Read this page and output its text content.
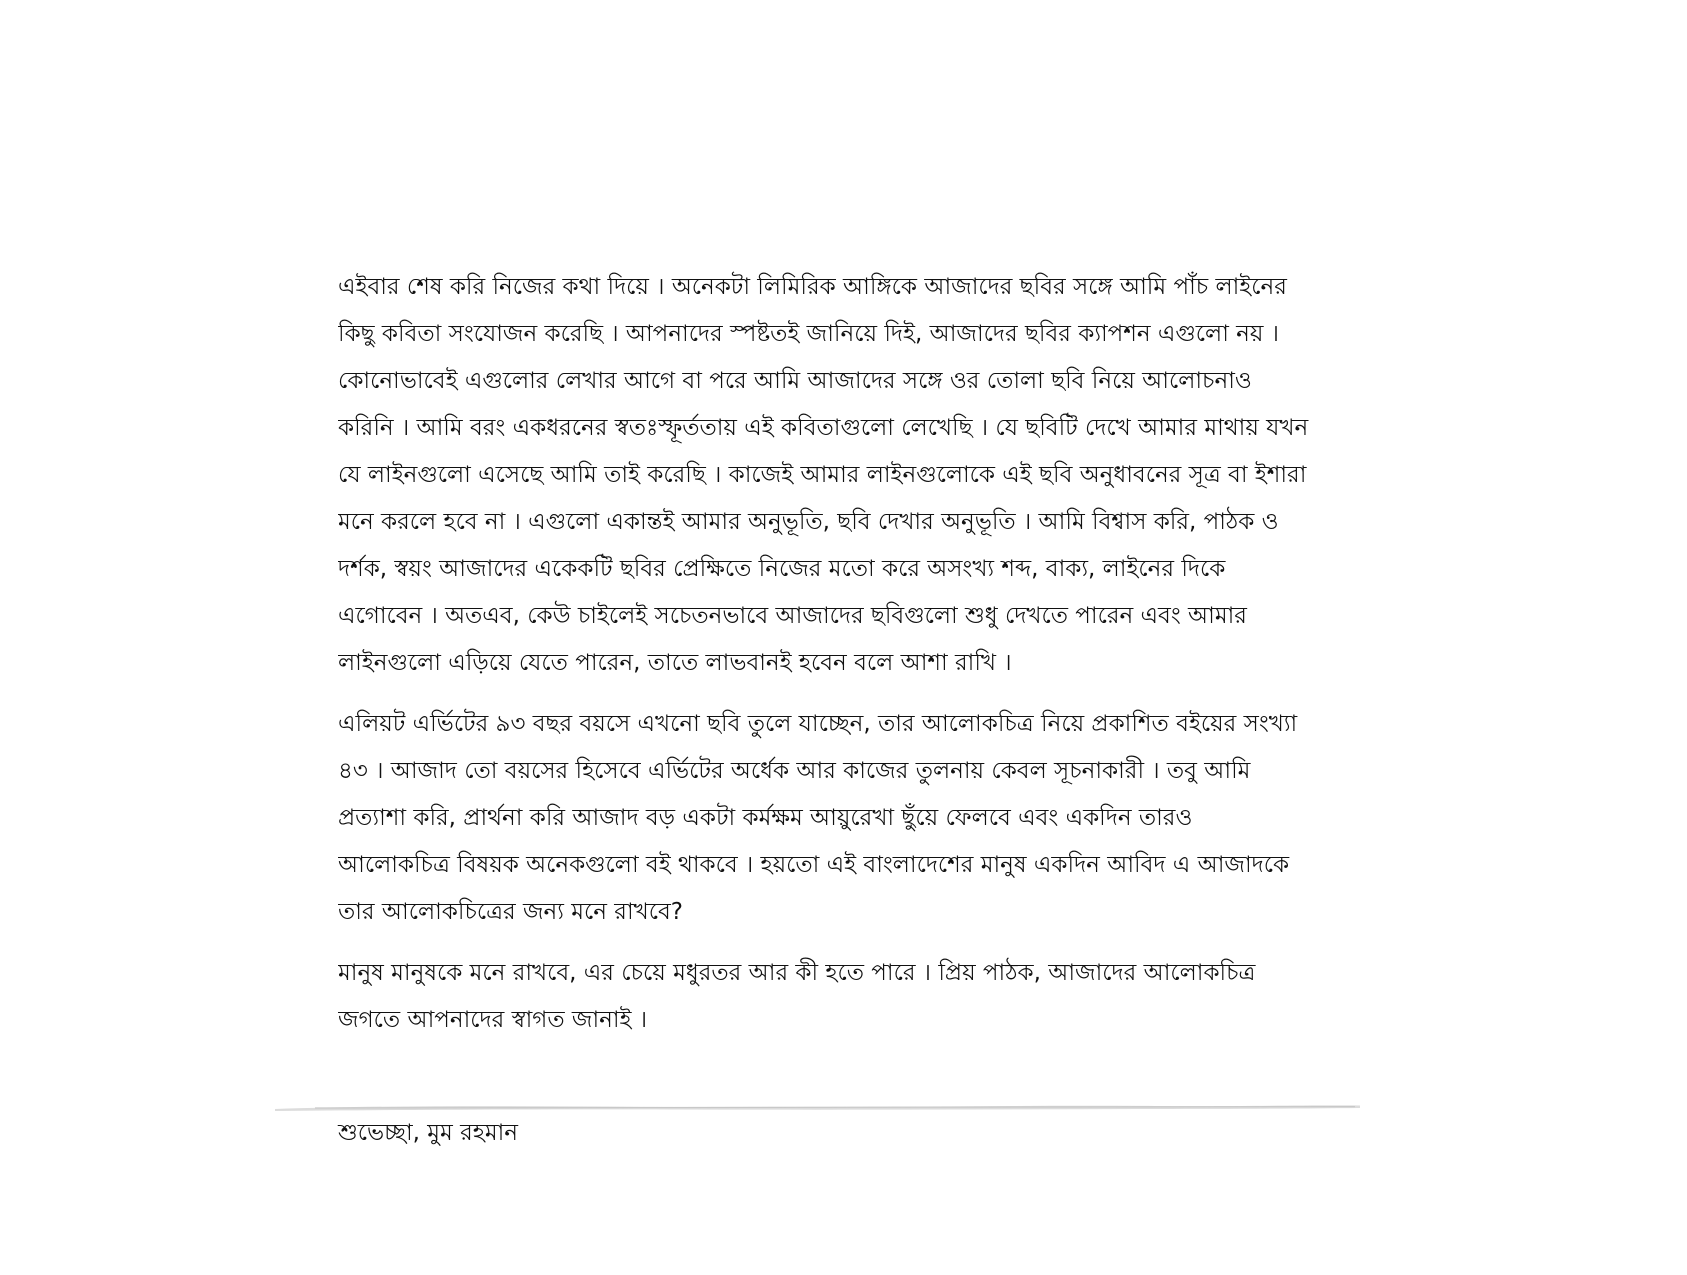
এইবার শেষ করি নিজের কথা দিয়ে । অনেকটা লিমিরিক আঙ্গিকে আজাদের ছবির সঙ্গে আমি পাঁচ লাইনের
কিছু কবিতা সংযোজন করেছি । আপনাদের স্পষ্টতই জানিয়ে দিই, আজাদের ছবির ক্যাপশন এগুলো নয় ।
কোনোভাবেই এগুলোর লেখার আগে বা পরে আমি আজাদের সঙ্গে ওর তোলা ছবি নিয়ে আলোচনাও
করিনি । আমি বরং একধরনের স্বতঃস্ফূর্ততায় এই কবিতাগুলো লেখেছি । যে ছবিটি দেখে আমার মাথায় যখন
যে লাইনগুলো এসেছে আমি তাই করেছি । কাজেই আমার লাইনগুলোকে এই ছবি অনুধাবনের সূত্র বা ইশারা
মনে করলে হবে না । এগুলো একান্তই আমার অনুভূতি, ছবি দেখার অনুভূতি । আমি বিশ্বাস করি, পাঠক ও
দর্শক, স্বয়ং আজাদের একেকটি ছবির প্রেক্ষিতে নিজের মতো করে অসংখ্য শব্দ, বাক্য, লাইনের দিকে
এগোবেন । অতএব, কেউ চাইলেই সচেতনভাবে আজাদের ছবিগুলো শুধু দেখতে পারেন এবং আমার
লাইনগুলো এড়িয়ে যেতে পারেন, তাতে লাভবানই হবেন বলে আশা রাখি ।
এলিয়ট এর্ভিটের ৯৩ বছর বয়সে এখনো ছবি তুলে যাচ্ছেন, তার আলোকচিত্র নিয়ে প্রকাশিত বইয়ের সংখ্যা
৪৩ । আজাদ তো বয়সের হিসেবে এর্ভিটের অর্ধেক আর কাজের তুলনায় কেবল সূচনাকারী । তবু আমি
প্রত্যাশা করি, প্রার্থনা করি আজাদ বড় একটা কর্মক্ষম আয়ুরেখা ছুঁয়ে ফেলবে এবং একদিন তারও
আলোকচিত্র বিষয়ক অনেকগুলো বই থাকবে । হয়তো এই বাংলাদেশের মানুষ একদিন আবিদ এ আজাদকে
তার আলোকচিত্রের জন্য মনে রাখবে?
মানুষ মানুষকে মনে রাখবে, এর চেয়ে মধুরতর আর কী হতে পারে । প্রিয় পাঠক, আজাদের আলোকচিত্র
জগতে আপনাদের স্বাগত জানাই ।
শুভেচ্ছা, মুম রহমান
